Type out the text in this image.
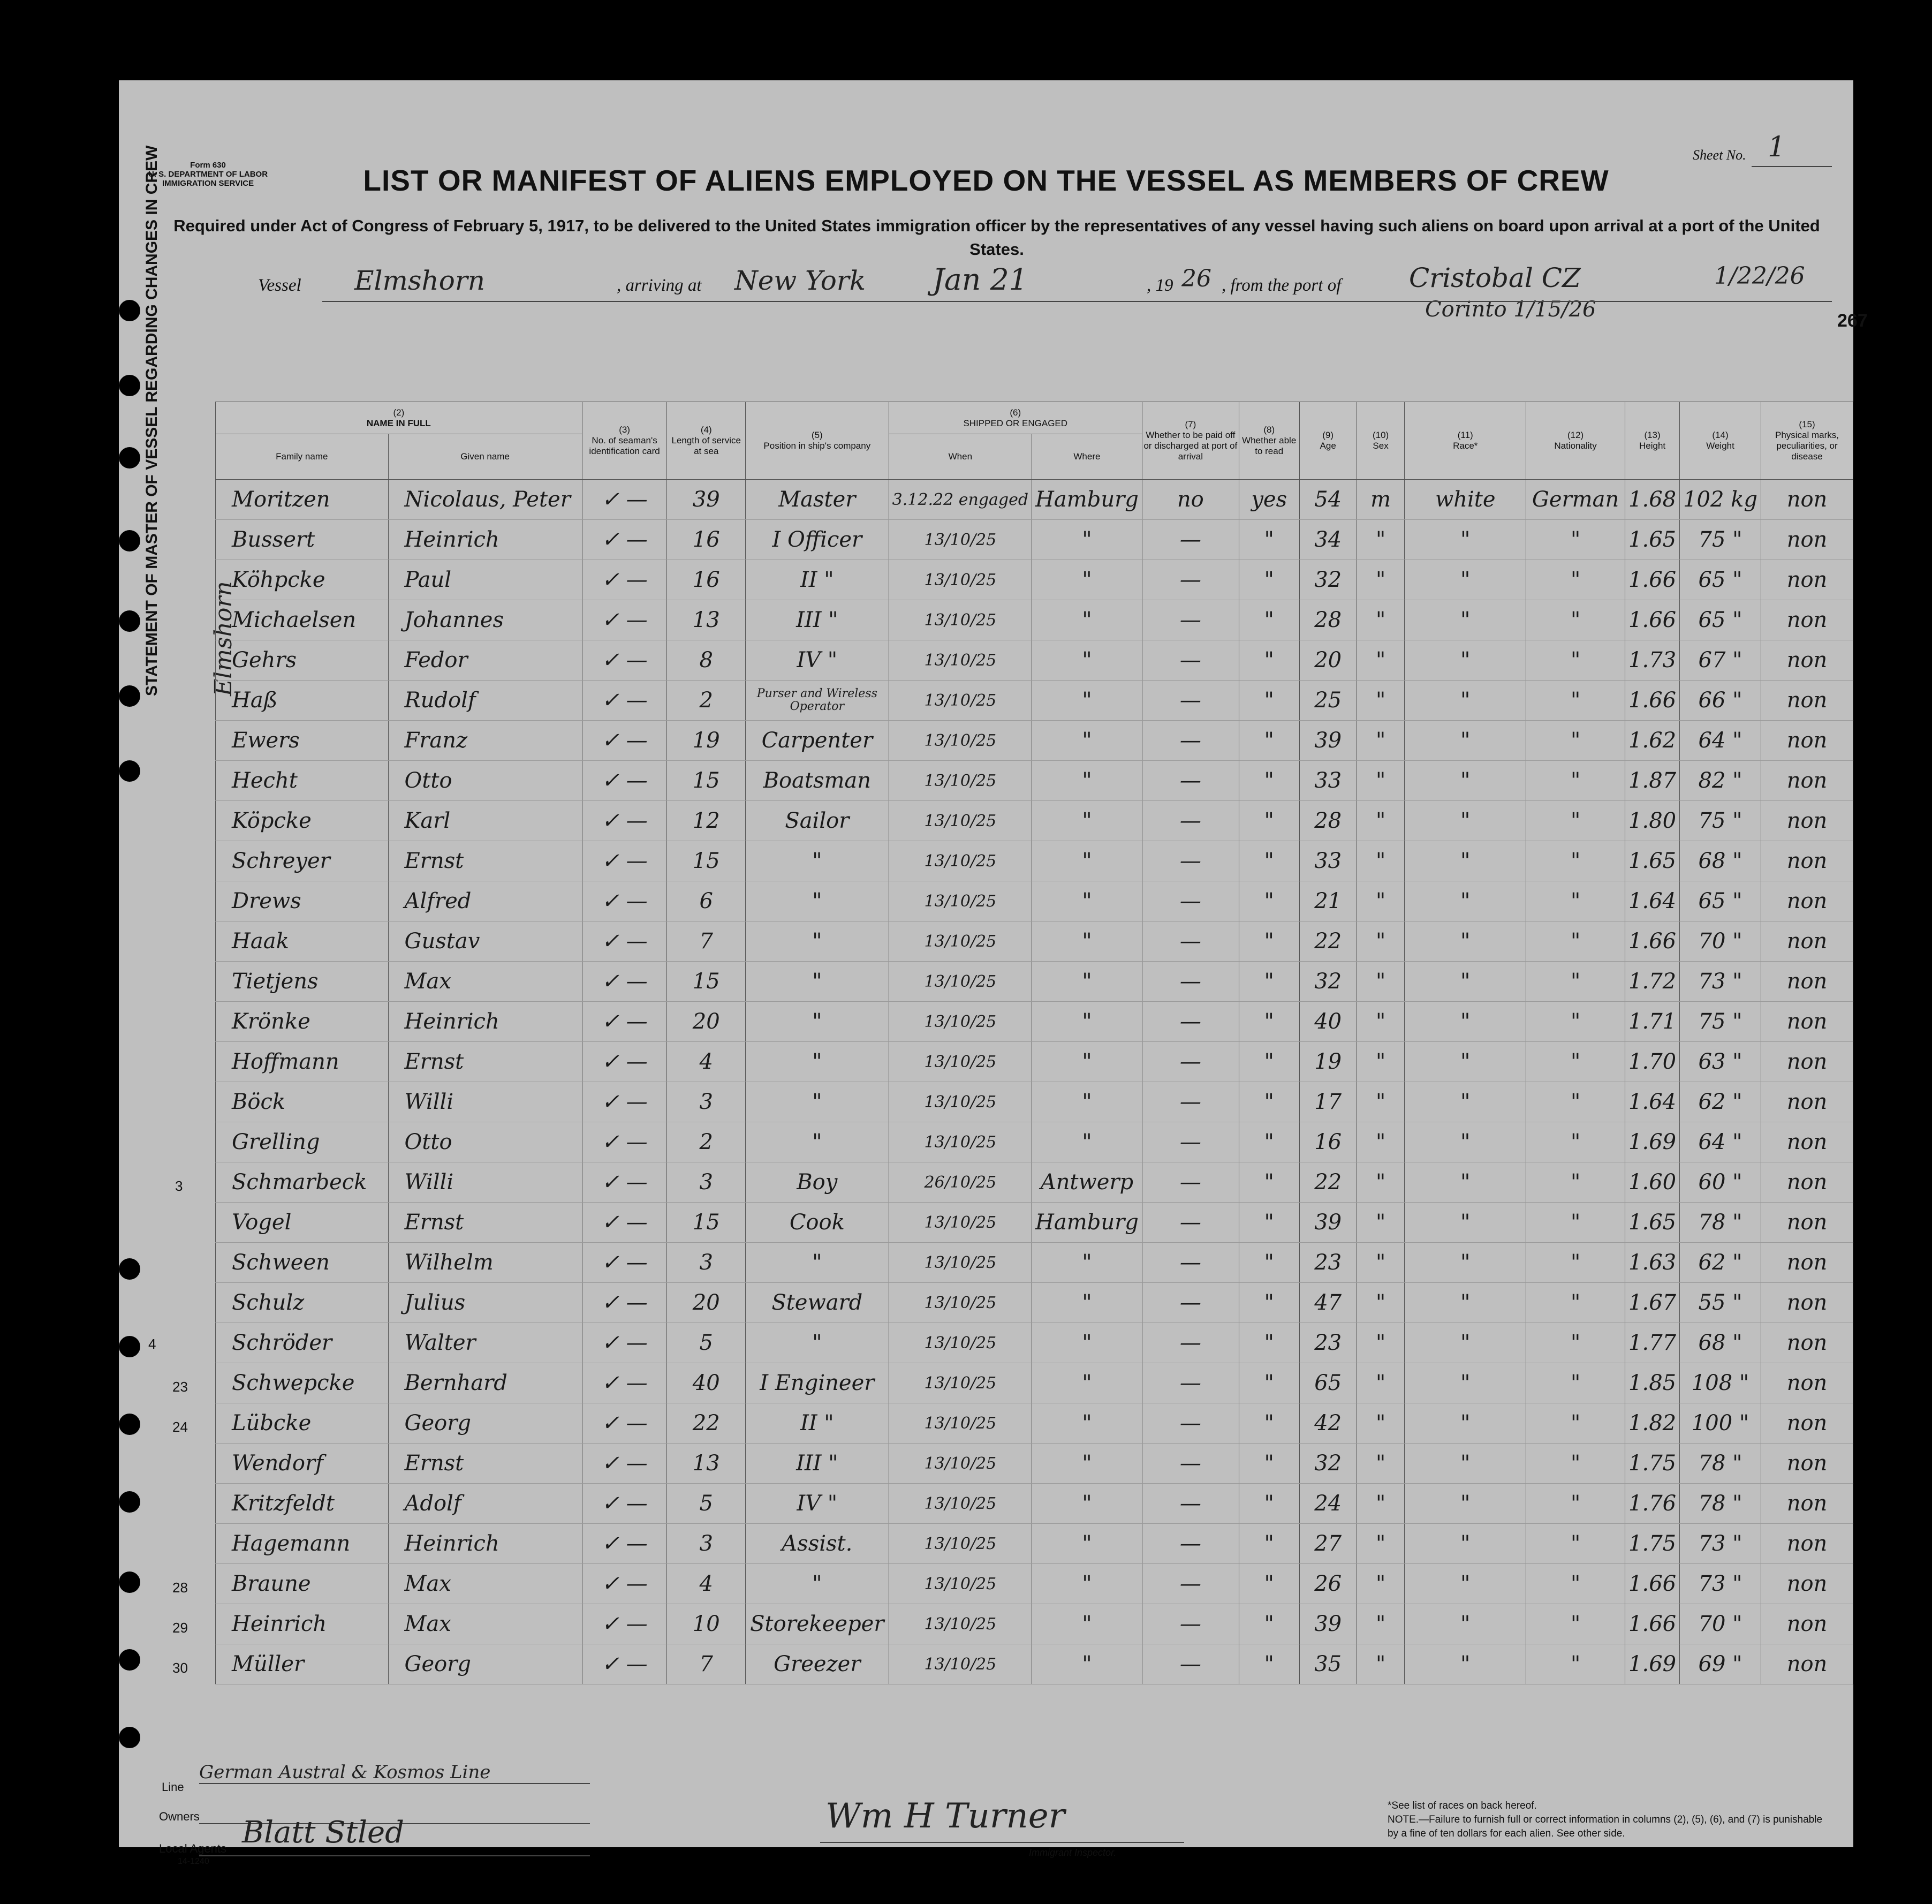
Form 630
U. S. DEPARTMENT OF LABOR
IMMIGRATION SERVICE
Sheet No. 1
LIST OR MANIFEST OF ALIENS EMPLOYED ON THE VESSEL AS MEMBERS OF CREW
Required under Act of Congress of February 5, 1917, to be delivered to the United States immigration officer by the representatives of any vessel having such aliens on board upon arrival at a port of the United States.
Vessel Elmshorn	, arriving at New York Jan 21	, 19 26 , from the port of	Cristobal CZ	1/22/26
Corinto 1/15/26	267
STATEMENT OF MASTER OF VESSEL REGARDING CHANGES IN CREW Elmshorn
(2)
NAME IN FULL		(3)
No. of seaman's identification card	(4)
Length of service at sea	(5)
Position in ship's company	(6)
SHIPPED OR ENGAGED		(7)
Whether to be paid off or discharged at port of arrival	(8)
Whether able to read	(9)
Age	(10)
Sex	(11)
Race*	(12)
Nationality	(13)
Height	(14)
Weight	(15)
Physical marks, peculiarities, or disease
Family name	Given name				When	Where									
Moritzen	Nicolaus, Peter	✓ —	39	Master	3.12.22 engaged	Hamburg	no	yes	54	m	white	German	1.68	102 kg	non
Bussert	Heinrich	✓ —	16	I Officer	13/10/25	"	—	"	34	"	"	"	1.65	75 "	non
Köhpcke	Paul	✓ —	16	II "	13/10/25	"	—	"	32	"	"	"	1.66	65 "	non
Michaelsen	Johannes	✓ —	13	III "	13/10/25	"	—	"	28	"	"	"	1.66	65 "	non
Gehrs	Fedor	✓ —	8	IV "	13/10/25	"	—	"	20	"	"	"	1.73	67 "	non
Haß	Rudolf	✓ —	2	Purser and Wireless Operator	13/10/25	"	—	"	25	"	"	"	1.66	66 "	non
Ewers	Franz	✓ —	19	Carpenter	13/10/25	"	—	"	39	"	"	"	1.62	64 "	non
Hecht	Otto	✓ —	15	Boatsman	13/10/25	"	—	"	33	"	"	"	1.87	82 "	non
Köpcke	Karl	✓ —	12	Sailor	13/10/25	"	—	"	28	"	"	"	1.80	75 "	non
Schreyer	Ernst	✓ —	15	"	13/10/25	"	—	"	33	"	"	"	1.65	68 "	non
Drews	Alfred	✓ —	6	"	13/10/25	"	—	"	21	"	"	"	1.64	65 "	non
Haak	Gustav	✓ —	7	"	13/10/25	"	—	"	22	"	"	"	1.66	70 "	non
Tietjens	Max	✓ —	15	"	13/10/25	"	—	"	32	"	"	"	1.72	73 "	non
Krönke	Heinrich	✓ —	20	"	13/10/25	"	—	"	40	"	"	"	1.71	75 "	non
Hoffmann	Ernst	✓ —	4	"	13/10/25	"	—	"	19	"	"	"	1.70	63 "	non
Böck	Willi	✓ —	3	"	13/10/25	"	—	"	17	"	"	"	1.64	62 "	non
Grelling	Otto	✓ —	2	"	13/10/25	"	—	"	16	"	"	"	1.69	64 "	non
Schmarbeck	Willi	✓ —	3	Boy	26/10/25	Antwerp	—	"	22	"	"	"	1.60	60 "	non
Vogel	Ernst	✓ —	15	Cook	13/10/25	Hamburg	—	"	39	"	"	"	1.65	78 "	non
Schween	Wilhelm	✓ —	3	"	13/10/25	"	—	"	23	"	"	"	1.63	62 "	non
Schulz	Julius	✓ —	20	Steward	13/10/25	"	—	"	47	"	"	"	1.67	55 "	non
Schröder	Walter	✓ —	5	"	13/10/25	"	—	"	23	"	"	"	1.77	68 "	non
Schwepcke	Bernhard	✓ —	40	I Engineer	13/10/25	"	—	"	65	"	"	"	1.85	108 "	non
Lübcke	Georg	✓ —	22	II "	13/10/25	"	—	"	42	"	"	"	1.82	100 "	non
Wendorf	Ernst	✓ —	13	III "	13/10/25	"	—	"	32	"	"	"	1.75	78 "	non
Kritzfeldt	Adolf	✓ —	5	IV "	13/10/25	"	—	"	24	"	"	"	1.76	78 "	non
Hagemann	Heinrich	✓ —	3	Assist.	13/10/25	"	—	"	27	"	"	"	1.75	73 "	non
Braune	Max	✓ —	4	"	13/10/25	"	—	"	26	"	"	"	1.66	73 "	non
Heinrich	Max	✓ —	10	Storekeeper	13/10/25	"	—	"	39	"	"	"	1.66	70 "	non
Müller	Georg	✓ —	7	Greezer	13/10/25	"	—	"	35	"	"	"	1.69	69 "	non
3
4
23
24
28
29
30
Line
German Austral & Kosmos Line
Owners Blatt Stled
Local Agents
14-1240
Wm H Turner
Immigrant Inspector.
*See list of races on back hereof.
NOTE.—Failure to furnish full or correct information in columns (2), (5), (6), and (7) is punishable by a fine of ten dollars for each alien. See other side.
